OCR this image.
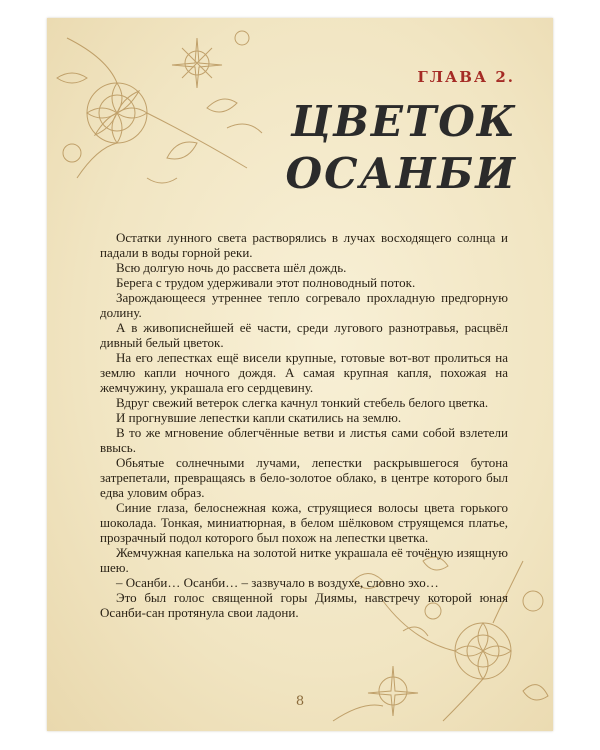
ГЛАВА 2.
ЦВЕТОК
ОСАНБИ

Остатки лунного света растворялись в лучах восходящего солнца и падали в воды горной реки.

Всю долгую ночь до рассвета шёл дождь.

Берега с трудом удерживали этот полноводный поток.

Зарождающееся утреннее тепло согревало прохладную предгорную долину.

А в живописнейшей её части, среди лугового разнотравья, расцвёл дивный белый цветок.

На его лепестках ещё висели крупные, готовые вот-вот пролиться на землю капли ночного дождя. А самая крупная капля, похожая на жемчужину, украшала его сердцевину.

Вдруг свежий ветерок слегка качнул тонкий стебель белого цветка.

И прогнувшие лепестки капли скатились на землю.

В то же мгновение облегчённые ветви и листья сами собой взлетели ввысь.

Обьятые солнечными лучами, лепестки раскрывшегося бутона затрепетали, превращаясь в бело-золотое облако, в центре которого был едва уловим образ.

Синие глаза, белоснежная кожа, струящиеся волосы цвета горького шоколада. Тонкая, миниатюрная, в белом шёлковом струящемся платье, прозрачный подол которого был похож на лепестки цветка.

Жемчужная капелька на золотой нитке украшала её точёную изящную шею.

– Осанби… Осанби… – зазвучало в воздухе, словно эхо…

Это был голос священной горы Диямы, навстречу которой юная Осанби-сан протянула свои ладони.

8
